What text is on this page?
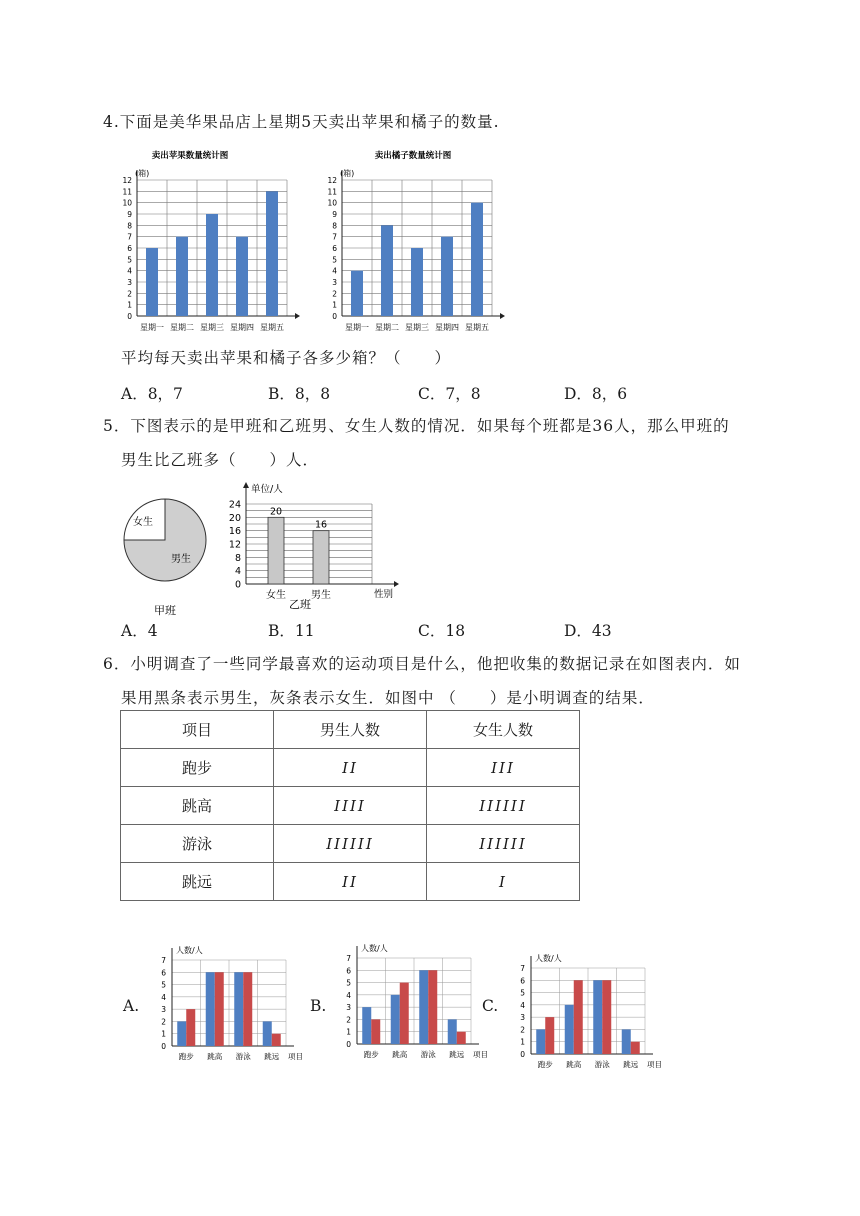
4.下面是美华果品店上星期5天卖出苹果和橘子的数量.
卖出苹果数量统计图
(箱)
0
1
2
3
4
5
6
7
8
9
10
11
12
星期一 星期二 星期三 星期四 星期五
卖出橘子数量统计图
(箱)
0
1
2
3
4
5
6
7
8
9
10
11
12
星期一 星期二 星期三 星期四 星期五
平均每天卖出苹果和橘子各多少箱？（　　）
A．8，7	B．8，8	C．7，8	D．8，6
5．下图表示的是甲班和乙班男、女生人数的情况．如果每个班都是36人，那么甲班的
男生比乙班多（　　）人．
女生
男生
甲班
0
4
8
12
16
20
24
单位/人
20
女生
16
男生
乙班
性别
A．4	B．11	C．18	D．43
6．小明调查了一些同学最喜欢的运动项目是什么，他把收集的数据记录在如图表内．如
果用黑条表示男生，灰条表示女生．如图中 （　　）是小明调查的结果．
项目	男生人数	女生人数
跑步	II	III
跳高	IIII	IIIIII
游泳	IIIIII	IIIIII
跳远	II	I
A.
人数/人
0
1
2
3
4
5
6
7
跑步 跳高 游泳 跳远 项目
B.
人数/人
0
1
2
3
4
5
6
7
跑步 跳高 游泳 跳远 项目
C.
人数/人
0
1
2
3
4
5
6
7
跑步 跳高 游泳 跳远 项目
